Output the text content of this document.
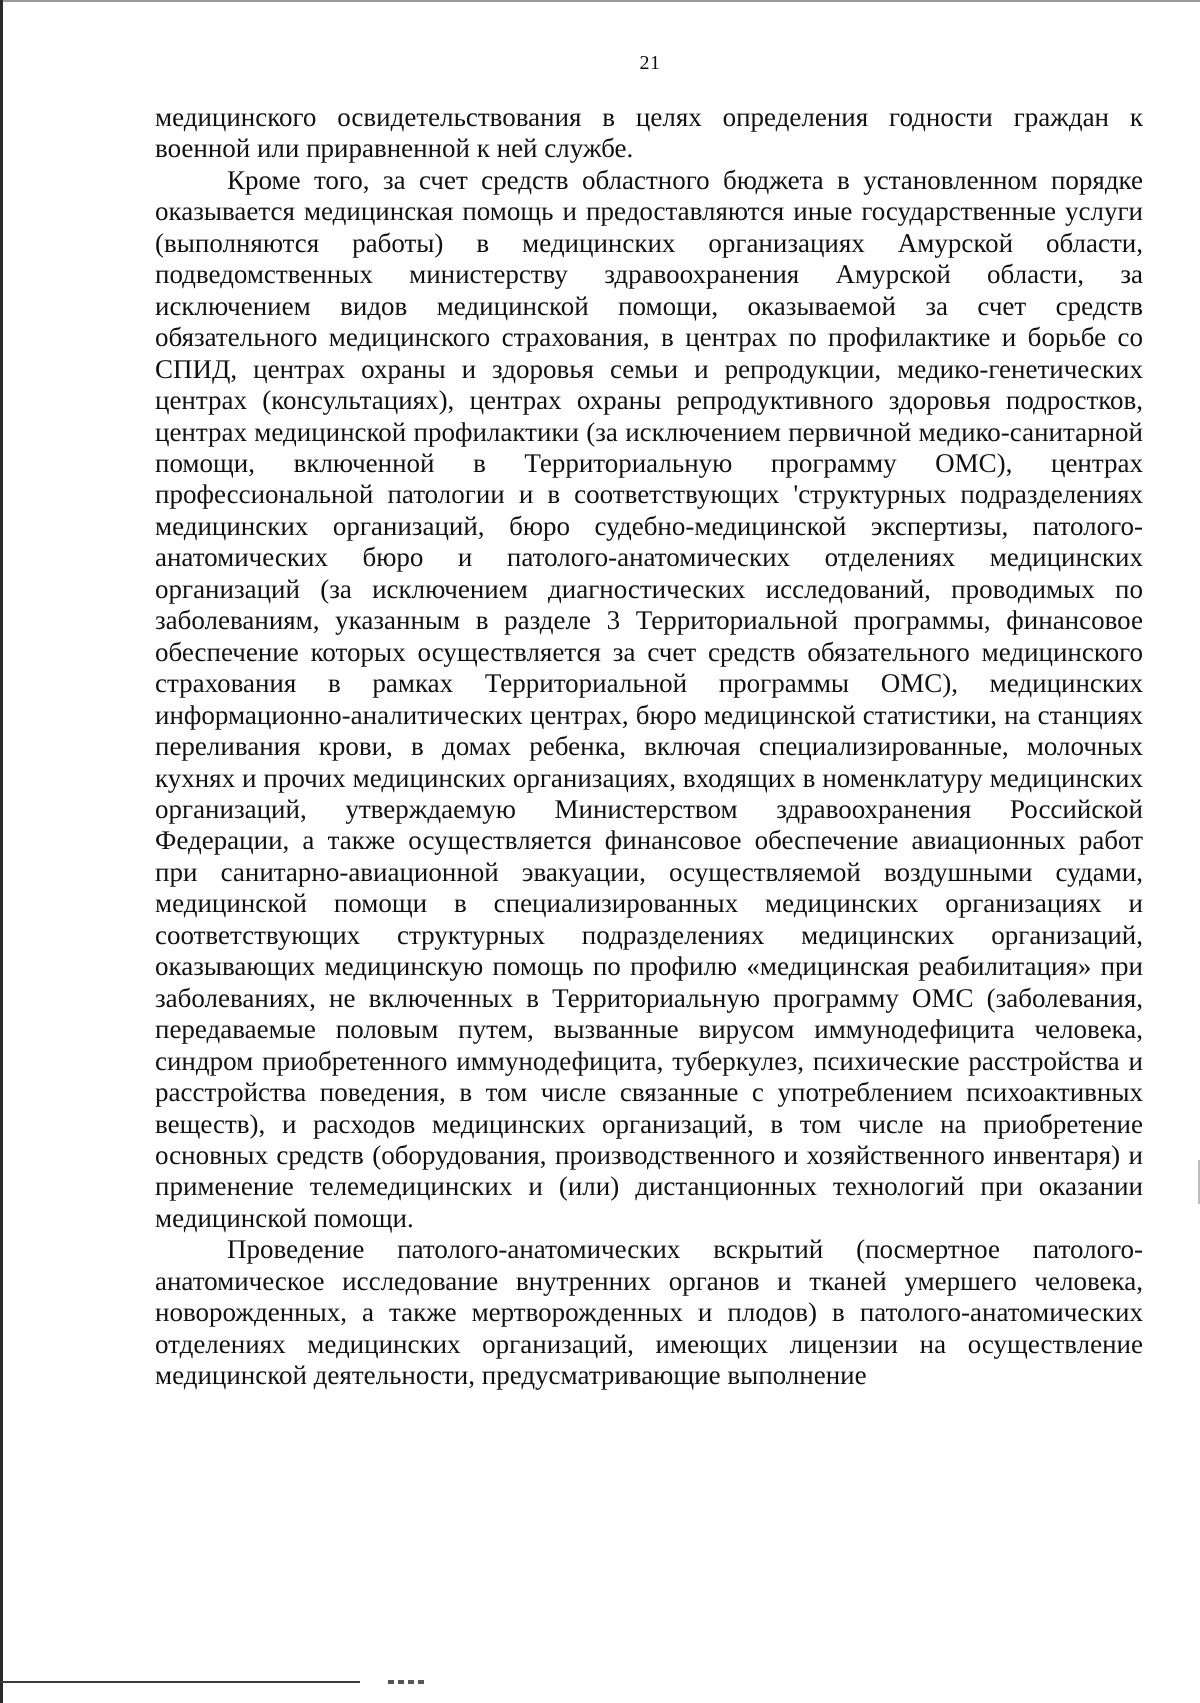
21

медицинского освидетельствования в целях определения годности граждан к военной или приравненной к ней службе.

Кроме того, за счет средств областного бюджета в установленном порядке оказывается медицинская помощь и предоставляются иные государственные услуги (выполняются работы) в медицинских организациях Амурской области, подведомственных министерству здравоохранения Амурской области, за исключением видов медицинской помощи, оказываемой за счет средств обязательного медицинского страхования, в центрах по профилактике и борьбе со СПИД, центрах охраны и здоровья семьи и репродукции, медико-генетических центрах (консультациях), центрах охраны репродуктивного здоровья подростков, центрах медицинской профилактики (за исключением первичной медико-санитарной помощи, включенной в Территориальную программу ОМС), центрах профессиональной патологии и в соответствующих 'структурных подразделениях медицинских организаций, бюро судебно-медицинской экспертизы, патолого-анатомических бюро и патолого-анатомических отделениях медицинских организаций (за исключением диагностических исследований, проводимых по заболеваниям, указанным в разделе 3 Территориальной программы, финансовое обеспечение которых осуществляется за счет средств обязательного медицинского страхования в рамках Территориальной программы ОМС), медицинских информационно-аналитических центрах, бюро медицинской статистики, на станциях переливания крови, в домах ребенка, включая специализированные, молочных кухнях и прочих медицинских организациях, входящих в номенклатуру медицинских организаций, утверждаемую Министерством здравоохранения Российской Федерации, а также осуществляется финансовое обеспечение авиационных работ при санитарно-авиационной эвакуации, осуществляемой воздушными судами, медицинской помощи в специализированных медицинских организациях и соответствующих структурных подразделениях медицинских организаций, оказывающих медицинскую помощь по профилю «медицинская реабилитация» при заболеваниях, не включенных в Территориальную программу ОМС (заболевания, передаваемые половым путем, вызванные вирусом иммунодефицита человека, синдром приобретенного иммунодефицита, туберкулез, психические расстройства и расстройства поведения, в том числе связанные с употреблением психоактивных веществ), и расходов медицинских организаций, в том числе на приобретение основных средств (оборудования, производственного и хозяйственного инвентаря) и применение телемедицинских и (или) дистанционных технологий при оказании медицинской помощи.

Проведение патолого-анатомических вскрытий (посмертное патолого-анатомическое исследование внутренних органов и тканей умершего человека, новорожденных, а также мертворожденных и плодов) в патолого-анатомических отделениях медицинских организаций, имеющих лицензии на осуществление медицинской деятельности, предусматривающие выполнение
